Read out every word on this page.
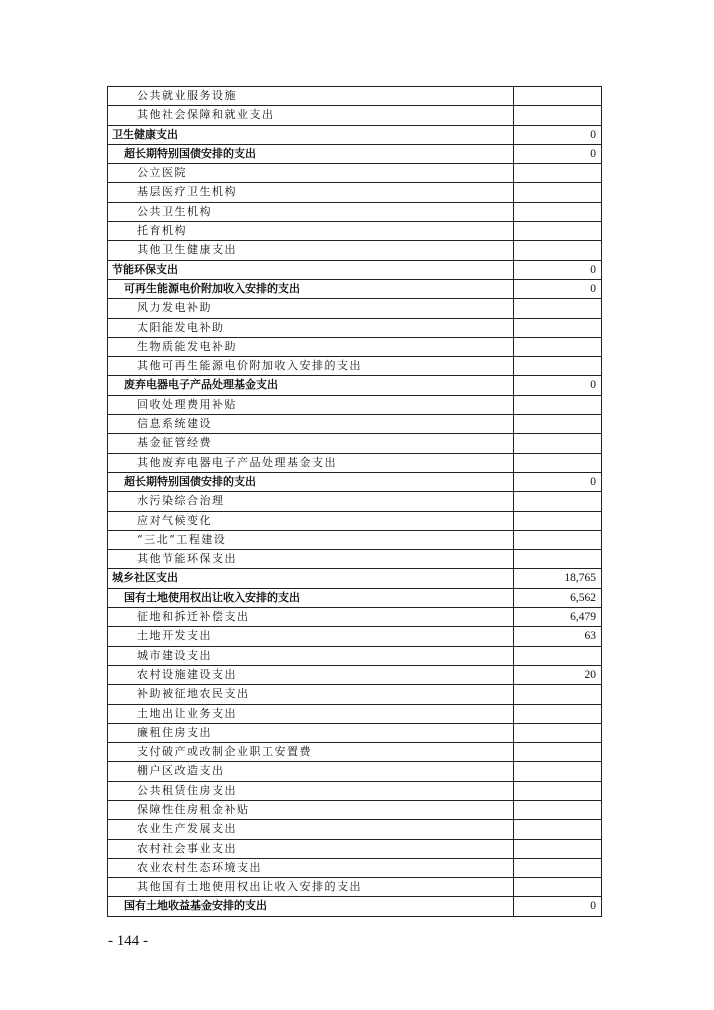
公共就业服务设施
其他社会保障和就业支出
卫生健康支出	0
超长期特别国债安排的支出	0
公立医院
基层医疗卫生机构
公共卫生机构
托育机构
其他卫生健康支出
节能环保支出	0
可再生能源电价附加收入安排的支出	0
风力发电补助
太阳能发电补助
生物质能发电补助
其他可再生能源电价附加收入安排的支出
废弃电器电子产品处理基金支出	0
回收处理费用补贴
信息系统建设
基金征管经费
其他废弃电器电子产品处理基金支出
超长期特别国债安排的支出	0
水污染综合治理
应对气候变化
“三北”工程建设
其他节能环保支出
城乡社区支出	18,765
国有土地使用权出让收入安排的支出	6,562
征地和拆迁补偿支出	6,479
土地开发支出	63
城市建设支出
农村设施建设支出	20
补助被征地农民支出
土地出让业务支出
廉租住房支出
支付破产或改制企业职工安置费
棚户区改造支出
公共租赁住房支出
保障性住房租金补贴
农业生产发展支出
农村社会事业支出
农业农村生态环境支出
其他国有土地使用权出让收入安排的支出
国有土地收益基金安排的支出	0
- 144 -
